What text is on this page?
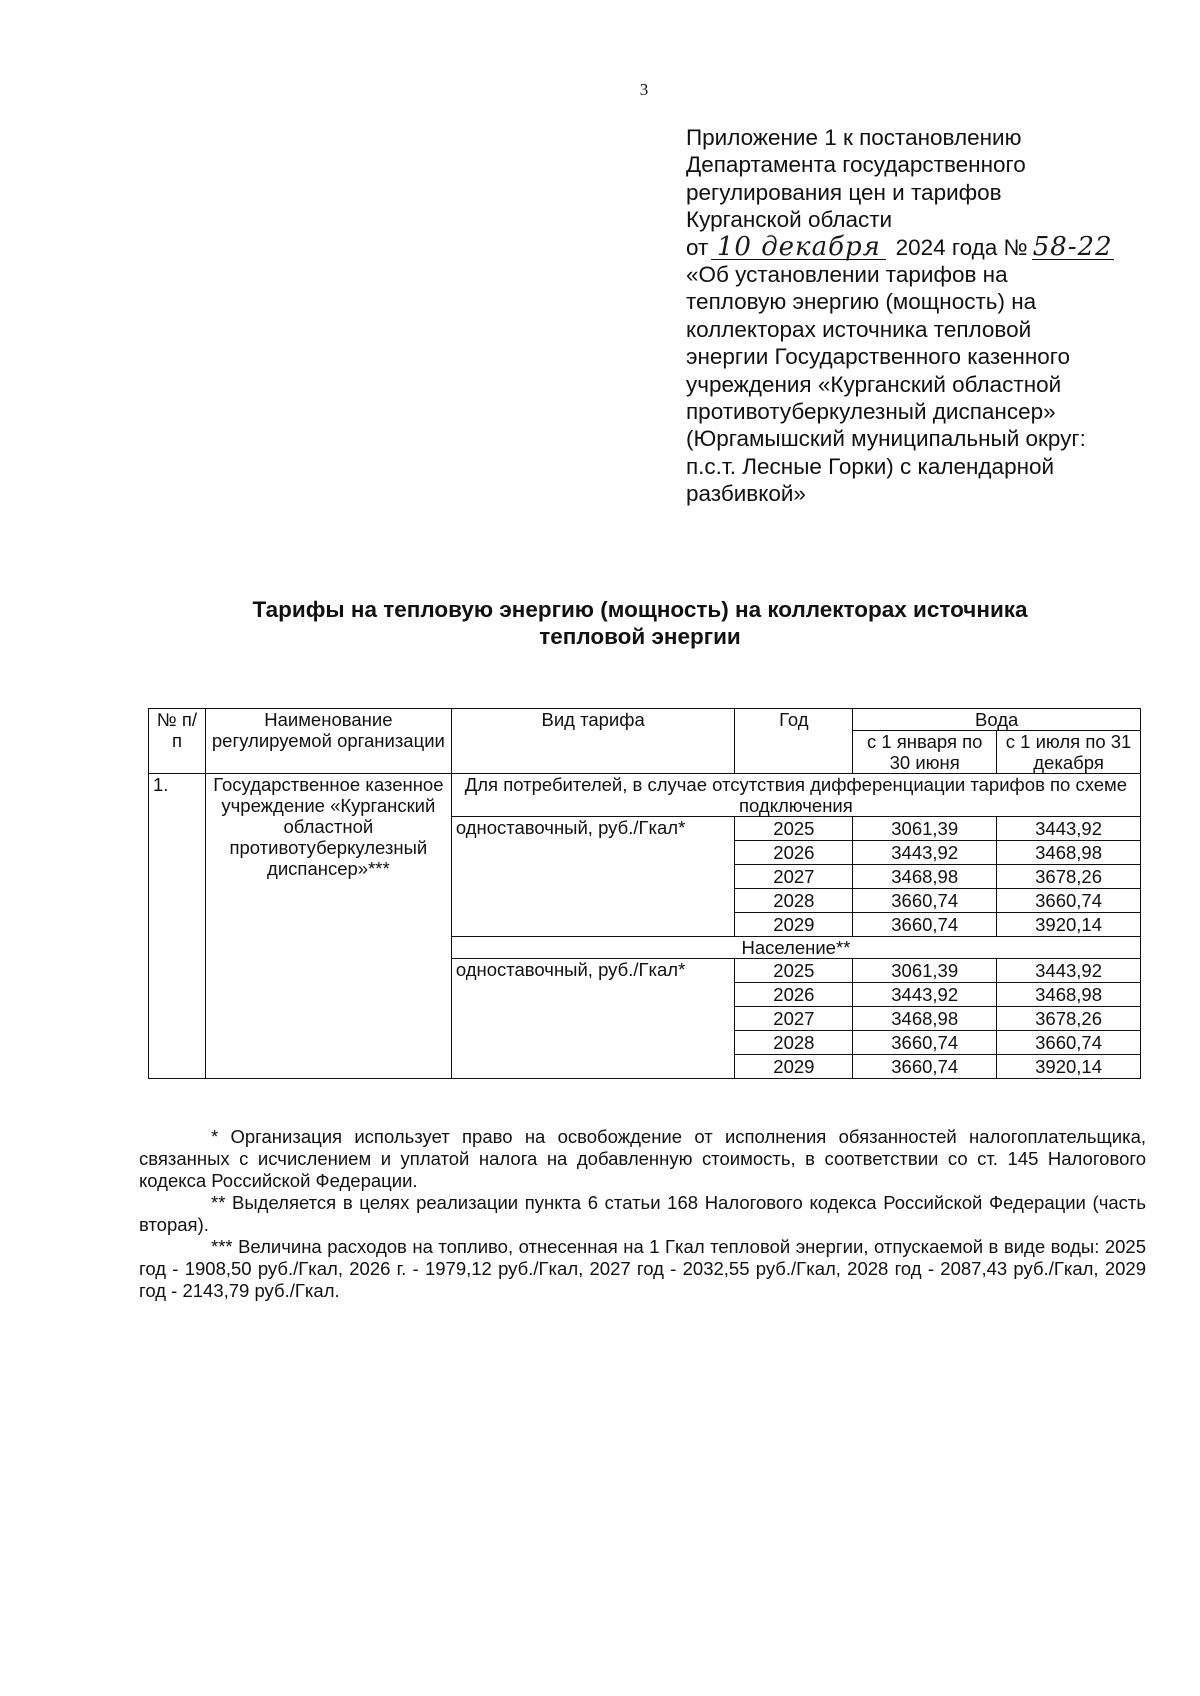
3
Приложение 1 к постановлению
Департамента государственного
регулирования цен и тарифов
Курганской области
от 10 декабря 2024 года № 58-22
«Об установлении тарифов на
тепловую энергию (мощность) на
коллекторах источника тепловой
энергии Государственного казенного
учреждения «Курганский областной
противотуберкулезный диспансер»
(Юргамышский муниципальный округ:
п.с.т. Лесные Горки) с календарной
разбивкой»
Тарифы на тепловую энергию (мощность) на коллекторах источника
тепловой энергии
№ п/п	Наименование регулируемой организации	Вид тарифа	Год	Вода	
				с 1 января по 30 июня	с 1 июля по 31 декабря
1.	Государственное казенное учреждение «Курганский областной противотуберкулезный диспансер»***	Для потребителей, в случае отсутствия дифференциации тарифов по схеме подключения			
		одноставочный, руб./Гкал*	2025	3061,39	3443,92
			2026	3443,92	3468,98
			2027	3468,98	3678,26
			2028	3660,74	3660,74
			2029	3660,74	3920,14
		Население**			
		одноставочный, руб./Гкал*	2025	3061,39	3443,92
			2026	3443,92	3468,98
			2027	3468,98	3678,26
			2028	3660,74	3660,74
			2029	3660,74	3920,14

* Организация использует право на освобождение от исполнения обязанностей налогоплательщика, связанных с исчислением и уплатой налога на добавленную стоимость, в соответствии со ст. 145 Налогового кодекса Российской Федерации.

** Выделяется в целях реализации пункта 6 статьи 168 Налогового кодекса Российской Федерации (часть вторая).

*** Величина расходов на топливо, отнесенная на 1 Гкал тепловой энергии, отпускаемой в виде воды: 2025 год - 1908,50 руб./Гкал, 2026 г. - 1979,12 руб./Гкал, 2027 год - 2032,55 руб./Гкал, 2028 год - 2087,43 руб./Гкал, 2029 год - 2143,79 руб./Гкал.
